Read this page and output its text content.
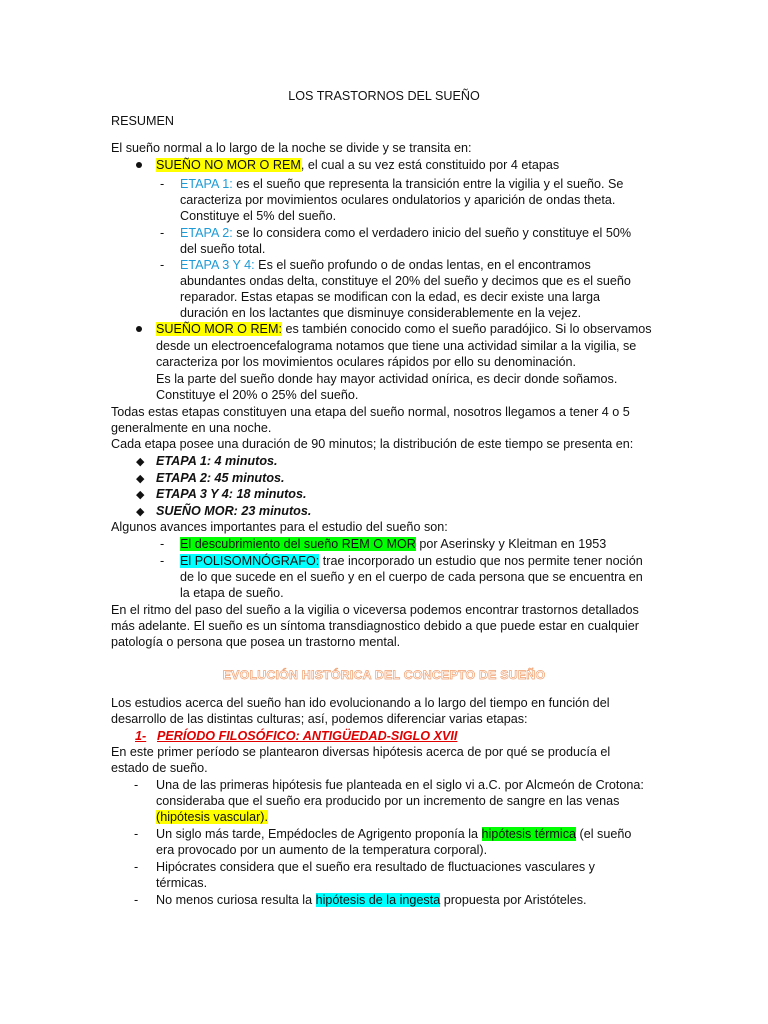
LOS TRASTORNOS DEL SUEÑO
RESUMEN
El sueño normal a lo largo de la noche se divide y se transita en:
SUEÑO NO MOR O REM, el cual a su vez está constituido por 4 etapas
- ETAPA 1: es el sueño que representa la transición entre la vigilia y el sueño. Se
caracteriza por movimientos oculares ondulatorios y aparición de ondas theta.
Constituye el 5% del sueño.
- ETAPA 2: se lo considera como el verdadero inicio del sueño y constituye el 50%
del sueño total.
- ETAPA 3 Y 4: Es el sueño profundo o de ondas lentas, en el encontramos
abundantes ondas delta, constituye el 20% del sueño y decimos que es el sueño
reparador. Estas etapas se modifican con la edad, es decir existe una larga
duración en los lactantes que disminuye considerablemente en la vejez.
SUEÑO MOR O REM: es también conocido como el sueño paradójico. Si lo observamos
desde un electroencefalograma notamos que tiene una actividad similar a la vigilia, se
caracteriza por los movimientos oculares rápidos por ello su denominación.
Es la parte del sueño donde hay mayor actividad onírica, es decir donde soñamos.
Constituye el 20% o 25% del sueño.
Todas estas etapas constituyen una etapa del sueño normal, nosotros llegamos a tener 4 o 5
generalmente en una noche.
Cada etapa posee una duración de 90 minutos; la distribución de este tiempo se presenta en:
◆ ETAPA 1: 4 minutos.
◆ ETAPA 2: 45 minutos.
◆ ETAPA 3 Y 4: 18 minutos.
◆ SUEÑO MOR: 23 minutos.
Algunos avances importantes para el estudio del sueño son:
- El descubrimiento del sueño REM O MOR por Aserinsky y Kleitman en 1953
- El POLISOMNÓGRAFO: trae incorporado un estudio que nos permite tener noción
de lo que sucede en el sueño y en el cuerpo de cada persona que se encuentra en
la etapa de sueño.
En el ritmo del paso del sueño a la vigilia o viceversa podemos encontrar trastornos detallados
más adelante. El sueño es un síntoma transdiagnostico debido a que puede estar en cualquier
patología o persona que posea un trastorno mental.
EVOLUCIÓN HISTÓRICA DEL CONCEPTO DE SUEÑO
Los estudios acerca del sueño han ido evolucionando a lo largo del tiempo en función del
desarrollo de las distintas culturas; así, podemos diferenciar varias etapas:
1- PERÍODO FILOSÓFICO: ANTIGÜEDAD-SIGLO XVII
En este primer período se plantearon diversas hipótesis acerca de por qué se producía el
estado de sueño.
- Una de las primeras hipótesis fue planteada en el siglo vi a.C. por Alcmeón de Crotona:
consideraba que el sueño era producido por un incremento de sangre en las venas
(hipótesis vascular).
- Un siglo más tarde, Empédocles de Agrigento proponía la hipótesis térmica (el sueño
era provocado por un aumento de la temperatura corporal).
- Hipócrates considera que el sueño era resultado de fluctuaciones vasculares y
térmicas.
- No menos curiosa resulta la hipótesis de la ingesta propuesta por Aristóteles.
